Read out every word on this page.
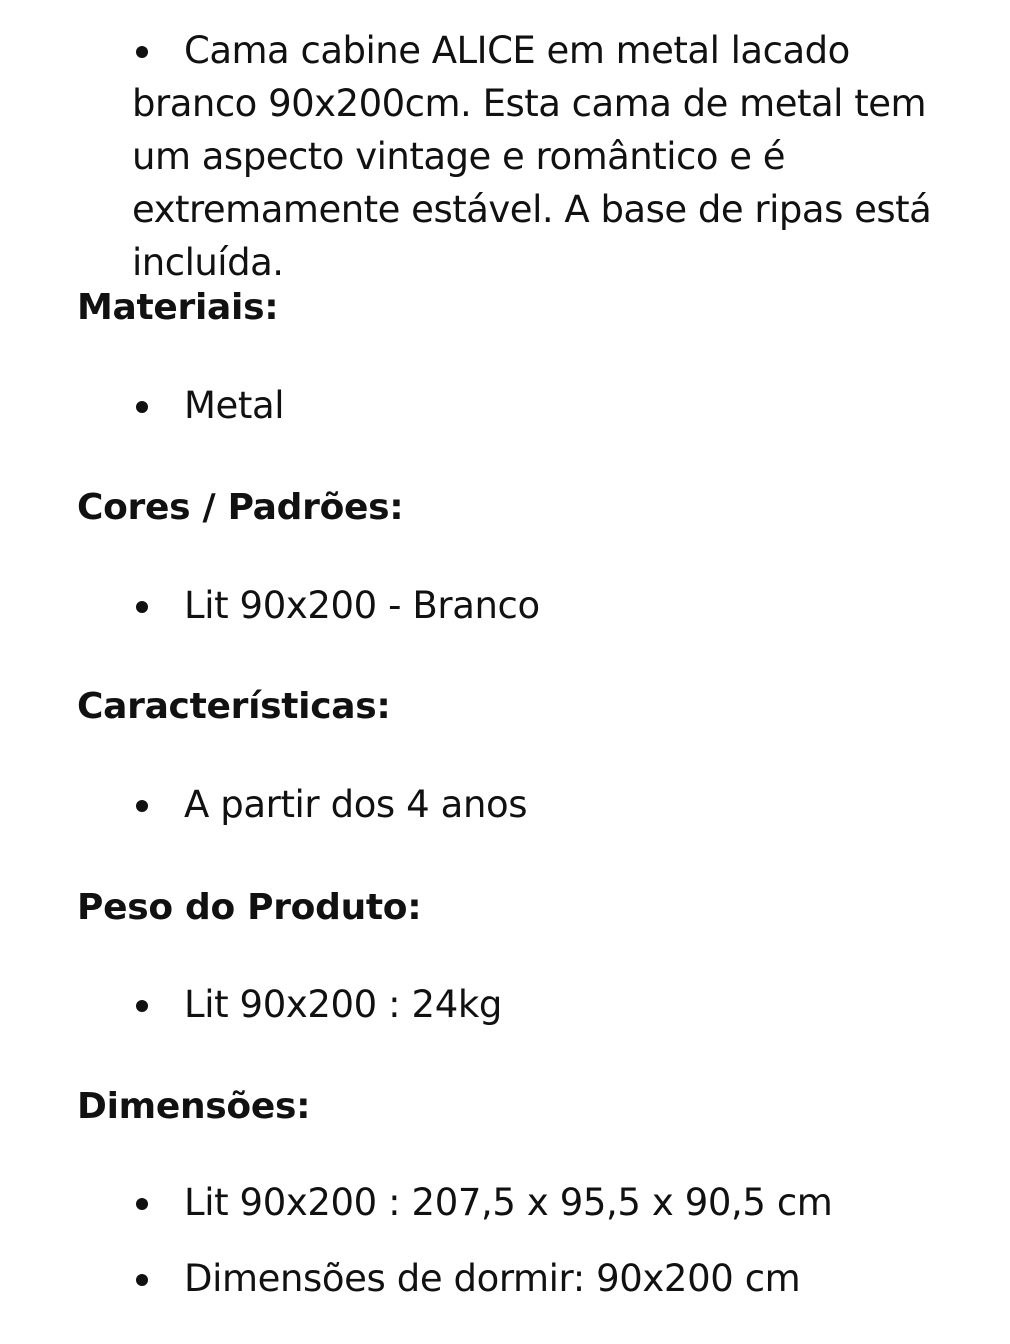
Cama cabine ALICE em metal lacado branco 90x200cm. Esta cama de metal tem um aspecto vintage e romântico e é extremamente estável. A base de ripas está incluída.
Materiais:
Metal
Cores / Padrões:
Lit 90x200 - Branco
Características:
A partir dos 4 anos
Peso do Produto:
Lit 90x200 : 24kg
Dimensões:
Lit 90x200 : 207,5 x 95,5 x 90,5 cm
Dimensões de dormir: 90x200 cm
